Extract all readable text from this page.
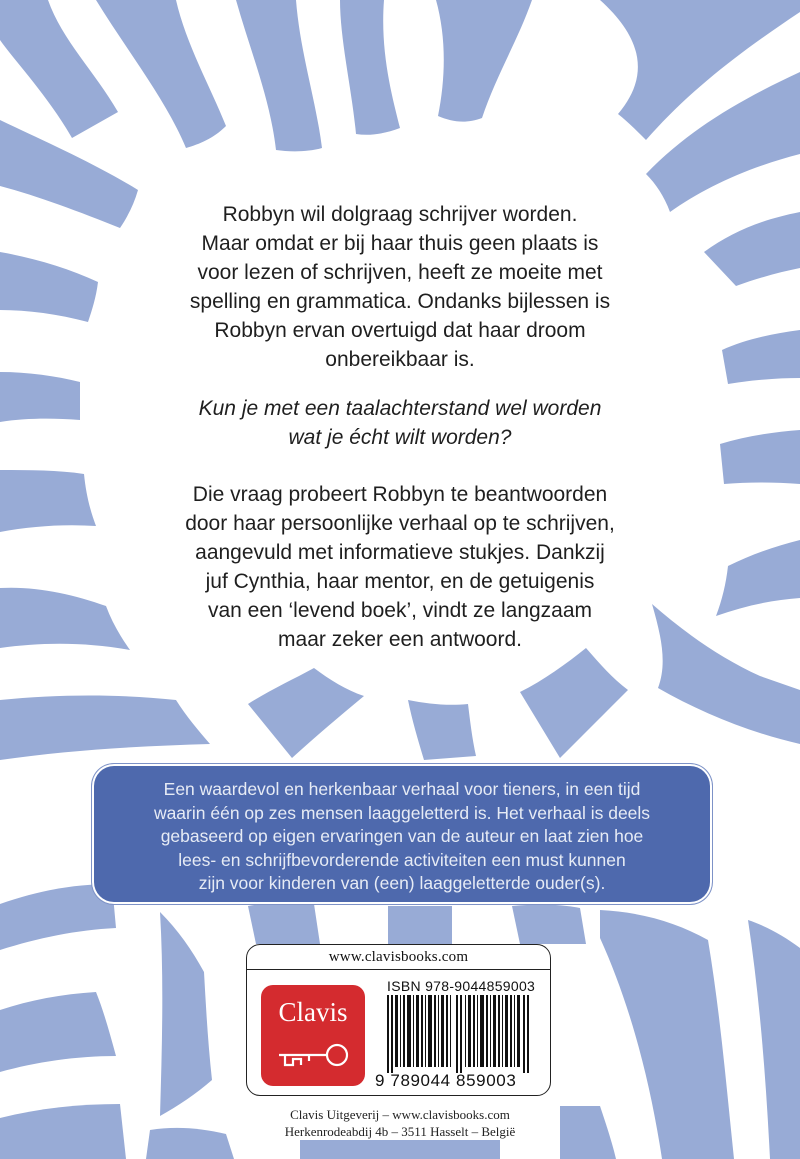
Robbyn wil dolgraag schrijver worden.

Maar omdat er bij haar thuis geen plaats is

voor lezen of schrijven, heeft ze moeite met

spelling en grammatica. Ondanks bijlessen is

Robbyn ervan overtuigd dat haar droom

onbereikbaar is.

Kun je met een taalachterstand wel worden

wat je écht wilt worden?

Die vraag probeert Robbyn te beantwoorden

door haar persoonlijke verhaal op te schrijven,

aangevuld met informatieve stukjes. Dankzij

juf Cynthia, haar mentor, en de getuigenis

van een ‘levend boek’, vindt ze langzaam

maar zeker een antwoord.

Een waardevol en herkenbaar verhaal voor tieners, in een tijd

waarin één op zes mensen laaggeletterd is. Het verhaal is deels

gebaseerd op eigen ervaringen van de auteur en laat zien hoe

lees- en schrijfbevorderende activiteiten een must kunnen

zijn voor kinderen van (een) laaggeletterde ouder(s).

www.clavisbooks.com
Clavis
ISBN 978-9044859003
9 789044 859003

Clavis Uitgeverij – www.clavisbooks.com

Herkenrodeabdij 4b – 3511 Hasselt – België
